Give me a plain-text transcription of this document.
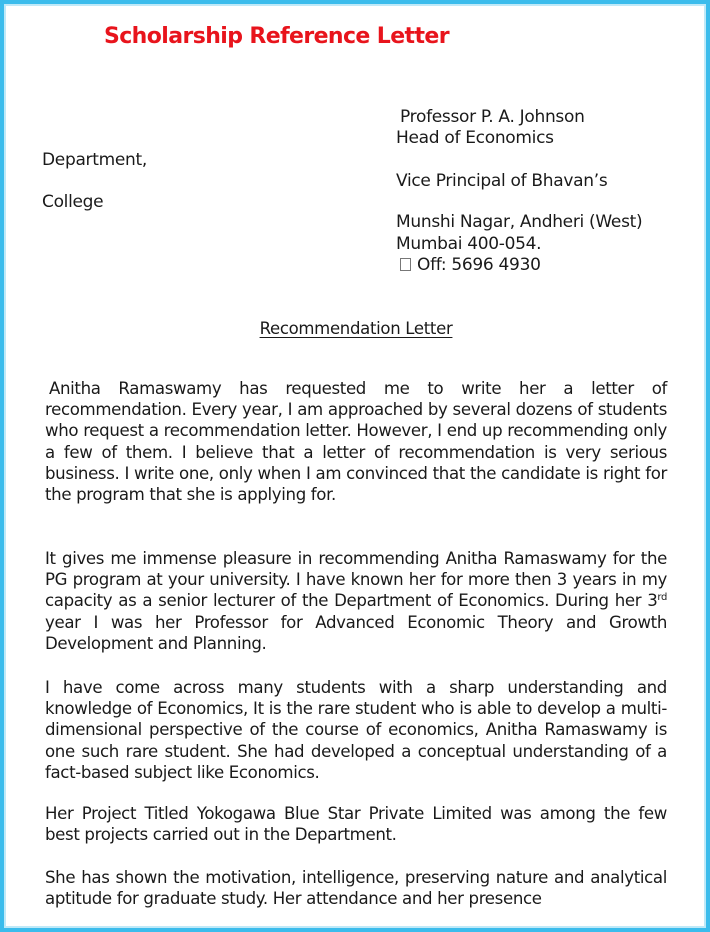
Scholarship Reference Letter
Professor P. A. Johnson
Head of Economics
Department,
Vice Principal of Bhavan’s
College
Munshi Nagar, Andheri (West)
Mumbai 400-054.
Off: 5696 4930
Recommendation Letter

Anitha Ramaswamy has requested me to write her a letter of recommendation. Every year, I am approached by several dozens of students who request a recommendation letter. However, I end up recommending only a few of them. I believe that a letter of recommendation is very serious business. I write one, only when I am convinced that the candidate is right for the program that she is applying for.

It gives me immense pleasure in recommending Anitha Ramaswamy for the PG program at your university. I have known her for more then 3 years in my capacity as a senior lecturer of the Department of Economics. During her 3rd year I was her Professor for Advanced Economic Theory and Growth Development and Planning.

I have come across many students with a sharp understanding and knowledge of Economics, It is the rare student who is able to develop a multi-dimensional perspective of the course of economics, Anitha Ramaswamy is one such rare student. She had developed a conceptual understanding of a fact-based subject like Economics.

Her Project Titled Yokogawa Blue Star Private Limited was among the few best projects carried out in the Department.

She has shown the motivation, intelligence, preserving nature and analytical aptitude for graduate study. Her attendance and her presence
